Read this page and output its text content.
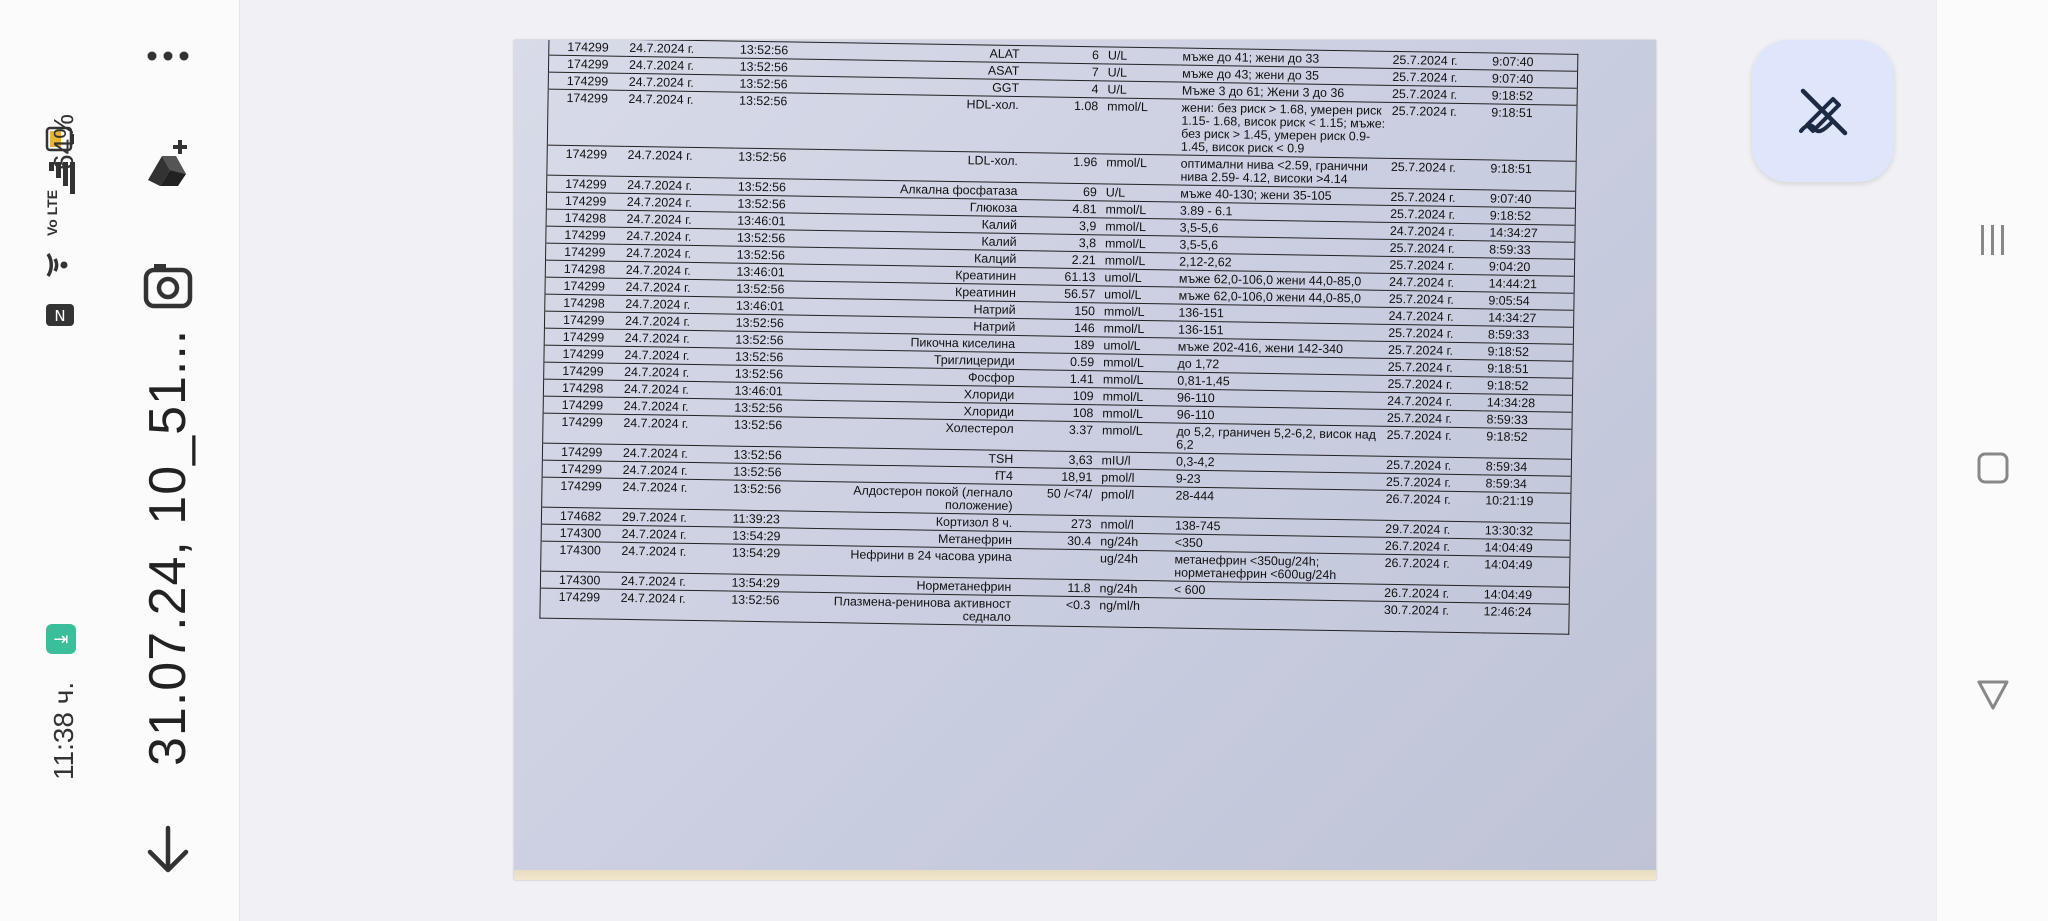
11:38 ч.
⇥
N
Vo LTE
64%
31.07.24, 10_51...
174299	24.7.2024 г.	13:52:56	ALAT	6	U/L	мъже до 41; жени до 33	25.7.2024 г.	9:07:40
174299	24.7.2024 г.	13:52:56	ASAT	7	U/L	мъже до 43; жени до 35	25.7.2024 г.	9:07:40
174299	24.7.2024 г.	13:52:56	GGT	4	U/L	Мъже 3 до 61; Жени 3 до 36	25.7.2024 г.	9:18:52
174299	24.7.2024 г.	13:52:56	HDL-хол.	1.08	mmol/L	жени: без риск > 1.68, умерен риск 1.15- 1.68, висок риск < 1.15; мъже: без риск > 1.45, умерен риск 0.9- 1.45, висок риск < 0.9	25.7.2024 г.	9:18:51
174299	24.7.2024 г.	13:52:56	LDL-хол.	1.96	mmol/L	оптимални нива <2.59, гранични нива 2.59- 4.12, високи >4.14	25.7.2024 г.	9:18:51
174299	24.7.2024 г.	13:52:56	Алкална фосфатаза	69	U/L	мъже 40-130; жени 35-105	25.7.2024 г.	9:07:40
174299	24.7.2024 г.	13:52:56	Глюкоза	4.81	mmol/L	3.89 - 6.1	25.7.2024 г.	9:18:52
174298	24.7.2024 г.	13:46:01	Калий	3,9	mmol/L	3,5-5,6	24.7.2024 г.	14:34:27
174299	24.7.2024 г.	13:52:56	Калий	3,8	mmol/L	3,5-5,6	25.7.2024 г.	8:59:33
174299	24.7.2024 г.	13:52:56	Калций	2.21	mmol/L	2,12-2,62	25.7.2024 г.	9:04:20
174298	24.7.2024 г.	13:46:01	Креатинин	61.13	umol/L	мъже 62,0-106,0 жени 44,0-85,0	24.7.2024 г.	14:44:21
174299	24.7.2024 г.	13:52:56	Креатинин	56.57	umol/L	мъже 62,0-106,0 жени 44,0-85,0	25.7.2024 г.	9:05:54
174298	24.7.2024 г.	13:46:01	Натрий	150	mmol/L	136-151	24.7.2024 г.	14:34:27
174299	24.7.2024 г.	13:52:56	Натрий	146	mmol/L	136-151	25.7.2024 г.	8:59:33
174299	24.7.2024 г.	13:52:56	Пикочна киселина	189	umol/L	мъже 202-416, жени 142-340	25.7.2024 г.	9:18:52
174299	24.7.2024 г.	13:52:56	Триглицериди	0.59	mmol/L	до 1,72	25.7.2024 г.	9:18:51
174299	24.7.2024 г.	13:52:56	Фосфор	1.41	mmol/L	0,81-1,45	25.7.2024 г.	9:18:52
174298	24.7.2024 г.	13:46:01	Хлориди	109	mmol/L	96-110	24.7.2024 г.	14:34:28
174299	24.7.2024 г.	13:52:56	Хлориди	108	mmol/L	96-110	25.7.2024 г.	8:59:33
174299	24.7.2024 г.	13:52:56	Холестерол	3.37	mmol/L	до 5,2, граничен 5,2-6,2, висок над 6,2	25.7.2024 г.	9:18:52
174299	24.7.2024 г.	13:52:56	TSH	3,63	mIU/l	0,3-4,2	25.7.2024 г.	8:59:34
174299	24.7.2024 г.	13:52:56	fT4	18,91	pmol/l	9-23	25.7.2024 г.	8:59:34
174299	24.7.2024 г.	13:52:56	Алдостерон покой (легнало положение)	50 /<74/	pmol/l	28-444	26.7.2024 г.	10:21:19
174682	29.7.2024 г.	11:39:23	Кортизол 8 ч.	273	nmol/l	138-745	29.7.2024 г.	13:30:32
174300	24.7.2024 г.	13:54:29	Метанефрин	30.4	ng/24h	<350	26.7.2024 г.	14:04:49
174300	24.7.2024 г.	13:54:29	Нефрини в 24 часова урина		ug/24h	метанефрин <350ug/24h; норметанефрин <600ug/24h	26.7.2024 г.	14:04:49
174300	24.7.2024 г.	13:54:29	Норметанефрин	11.8	ng/24h	< 600	26.7.2024 г.	14:04:49
174299	24.7.2024 г.	13:52:56	Плазмена-ренинова активност седнало	<0.3	ng/ml/h		30.7.2024 г.	12:46:24
